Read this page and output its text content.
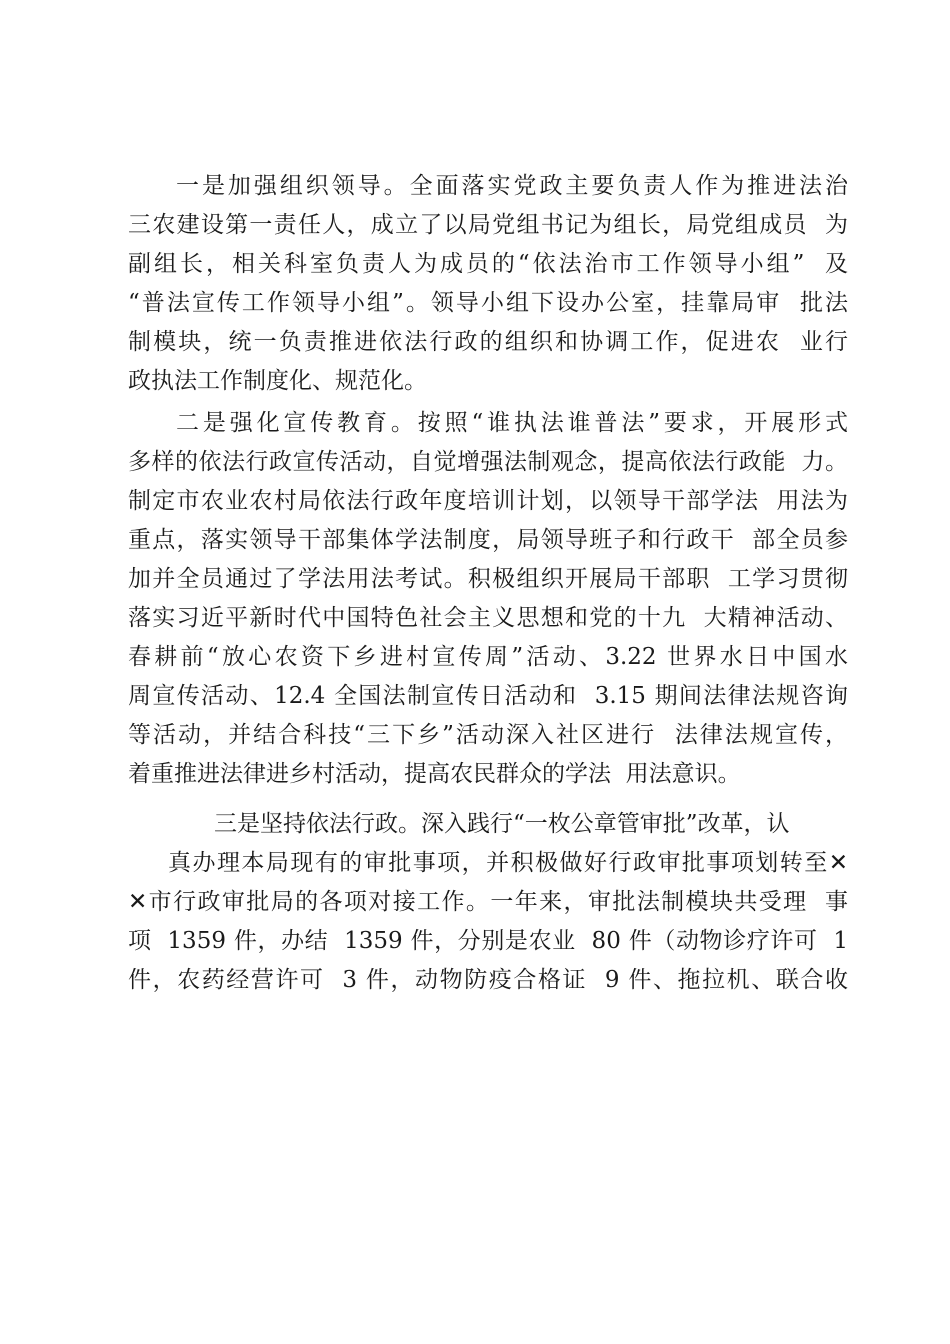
一是加强组织领导。全面落实党政主要负责人作为推进法治
三农建设第一责任人，成立了以局党组书记为组长，局党组成员  为
副组长，相关科室负责人为成员的“依法治市工作领导小组”  及
“普法宣传工作领导小组”。领导小组下设办公室，挂靠局审  批法
制模块，统一负责推进依法行政的组织和协调工作，促进农  业行
政执法工作制度化、规范化。
二是强化宣传教育。按照“谁执法谁普法”要求，开展形式
多样的依法行政宣传活动，自觉增强法制观念，提高依法行政能  力。
制定市农业农村局依法行政年度培训计划，以领导干部学法  用法为
重点，落实领导干部集体学法制度，局领导班子和行政干  部全员参
加并全员通过了学法用法考试。积极组织开展局干部职  工学习贯彻
落实习近平新时代中国特色社会主义思想和党的十九  大精神活动、
春耕前“放心农资下乡进村宣传周”活动、3.22 世界水日中国水
周宣传活动、12.4 全国法制宣传日活动和  3.15 期间法律法规咨询
等活动，并结合科技“三下乡”活动深入社区进行  法律法规宣传，
着重推进法律进乡村活动，提高农民群众的学法  用法意识。
三是坚持依法行政。深入践行“一枚公章管审批”改革，认
真办理本局现有的审批事项，并积极做好行政审批事项划转至✕
✕市行政审批局的各项对接工作。一年来，审批法制模块共受理  事
项  1359 件，办结  1359 件，分别是农业  80 件（动物诊疗许可  1
件，农药经营许可  3 件，动物防疫合格证  9 件、拖拉机、联合收
